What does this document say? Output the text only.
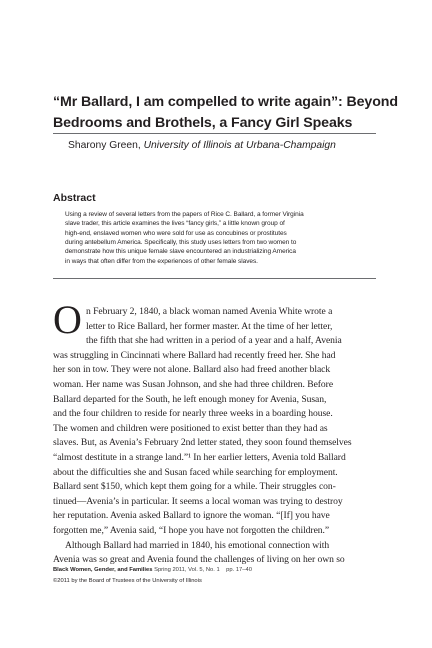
“Mr Ballard, I am compelled to write again”: Beyond
Bedrooms and Brothels, a Fancy Girl Speaks
Sharony Green, University of Illinois at Urbana-Champaign
Abstract
Using a review of several letters from the papers of Rice C. Ballard, a former Virginia
slave trader, this article examines the lives “fancy girls,” a little known group of
high-end, enslaved women who were sold for use as concubines or prostitutes
during antebellum America. Specifically, this study uses letters from two women to
demonstrate how this unique female slave encountered an industrializing America
in ways that often differ from the experiences of other female slaves.
O n February 2, 1840, a black woman named Avenia White wrote a
letter to Rice Ballard, her former master. At the time of her letter,
the fifth that she had written in a period of a year and a half, Avenia
was struggling in Cincinnati where Ballard had recently freed her. She had
her son in tow. They were not alone. Ballard also had freed another black
woman. Her name was Susan Johnson, and she had three children. Before
Ballard departed for the South, he left enough money for Avenia, Susan,
and the four children to reside for nearly three weeks in a boarding house.
The women and children were positioned to exist better than they had as
slaves. But, as Avenia’s February 2nd letter stated, they soon found themselves
“almost destitute in a strange land.”¹ In her earlier letters, Avenia told Ballard
about the difficulties she and Susan faced while searching for employment.
Ballard sent $150, which kept them going for a while. Their struggles con-
tinued—Avenia’s in particular. It seems a local woman was trying to destroy
her reputation. Avenia asked Ballard to ignore the woman. “[If] you have
forgotten me,” Avenia said, “I hope you have not forgotten the children.”
Although Ballard had married in 1840, his emotional connection with
Avenia was so great and Avenia found the challenges of living on her own so
Black Women, Gender, and Families Spring 2011, Vol. 5, No. 1    pp. 17–40
©2011 by the Board of Trustees of the University of Illinois
